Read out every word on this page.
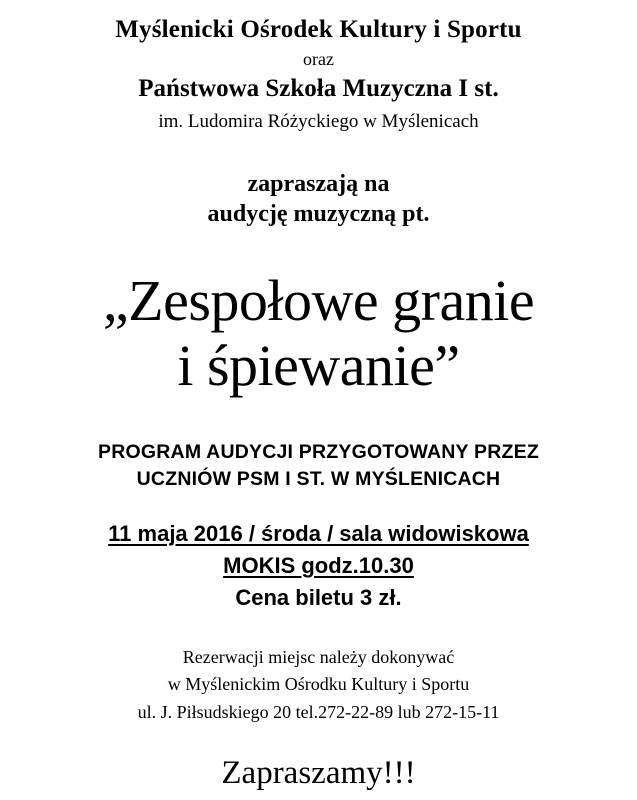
Myślenicki Ośrodek Kultury i Sportu
oraz
Państwowa Szkoła Muzyczna I st.
im. Ludomira Różyckiego w Myślenicach
zapraszają na
audycję muzyczną pt.
„Zespołowe granie
i śpiewanie”
PROGRAM AUDYCJI PRZYGOTOWANY PRZEZ
UCZNIÓW PSM I ST. W MYŚLENICACH
11 maja 2016 / środa / sala widowiskowa
MOKIS godz.10.30
Cena biletu 3 zł.
Rezerwacji miejsc należy dokonywać
w Myślenickim Ośrodku Kultury i Sportu
ul. J. Piłsudskiego 20 tel.272-22-89 lub 272-15-11
Zapraszamy!!!
